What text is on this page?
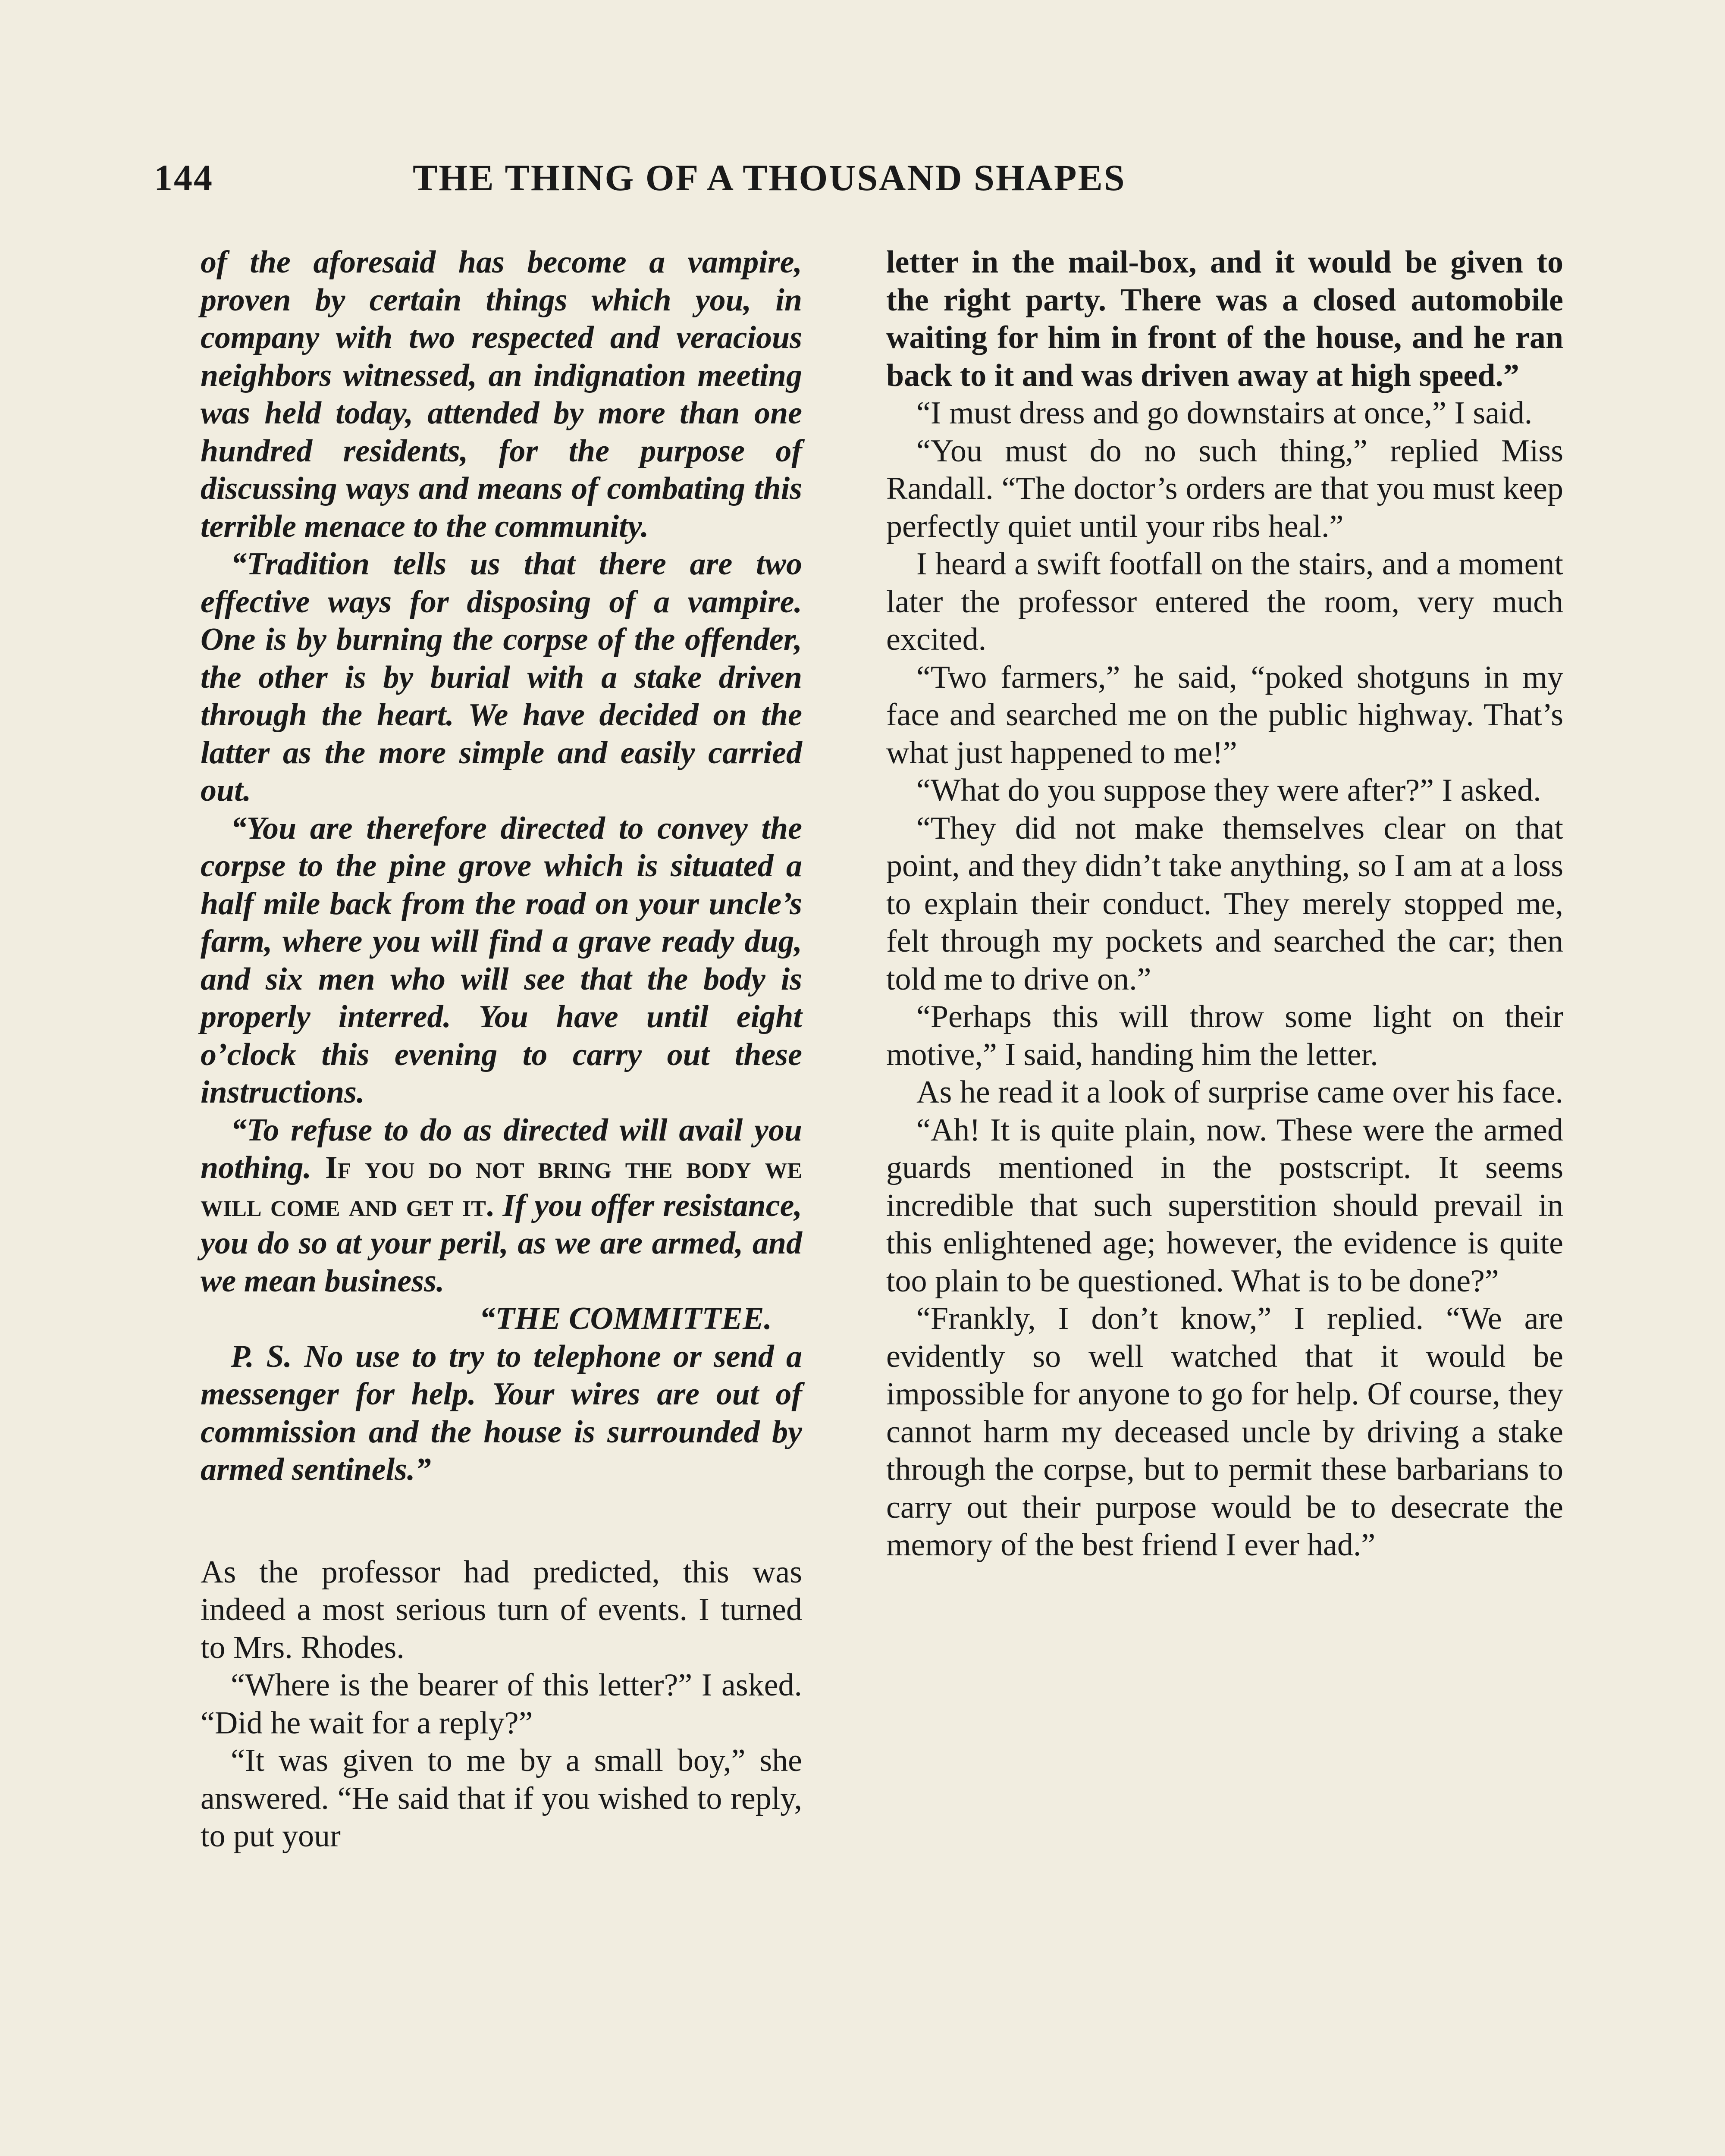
144	THE THING OF A THOUSAND SHAPES

of the aforesaid has become a vampire, proven by certain things which you, in company with two respected and veracious neighbors witnessed, an indignation meeting was held today, attended by more than one hundred residents, for the purpose of discussing ways and means of combating this terrible menace to the community.

“Tradition tells us that there are two effective ways for disposing of a vampire. One is by burning the corpse of the offender, the other is by burial with a stake driven through the heart. We have decided on the latter as the more simple and easily carried out.

“You are therefore directed to convey the corpse to the pine grove which is situated a half mile back from the road on your uncle’s farm, where you will find a grave ready dug, and six men who will see that the body is properly interred. You have until eight o’clock this evening to carry out these instructions.

“To refuse to do as directed will avail you nothing. If you do not bring the body we will come and get it. If you offer resistance, you do so at your peril, as we are armed, and we mean business.

“THE COMMITTEE.

P. S. No use to try to telephone or send a messenger for help. Your wires are out of commission and the house is surrounded by armed sentinels.”

As the professor had predicted, this was indeed a most serious turn of events. I turned to Mrs. Rhodes.

“Where is the bearer of this letter?” I asked. “Did he wait for a reply?”

“It was given to me by a small boy,” she answered. “He said that if you wished to reply, to put your

letter in the mail-box, and it would be given to the right party. There was a closed automobile waiting for him in front of the house, and he ran back to it and was driven away at high speed.”

“I must dress and go downstairs at once,” I said.

“You must do no such thing,” replied Miss Randall. “The doctor’s orders are that you must keep perfectly quiet until your ribs heal.”

I heard a swift footfall on the stairs, and a moment later the professor entered the room, very much excited.

“Two farmers,” he said, “poked shotguns in my face and searched me on the public highway. That’s what just happened to me!”

“What do you suppose they were after?” I asked.

“They did not make themselves clear on that point, and they didn’t take anything, so I am at a loss to explain their conduct. They merely stopped me, felt through my pockets and searched the car; then told me to drive on.”

“Perhaps this will throw some light on their motive,” I said, handing him the letter.

As he read it a look of surprise came over his face.

“Ah! It is quite plain, now. These were the armed guards mentioned in the postscript. It seems incredible that such superstition should prevail in this enlightened age; however, the evidence is quite too plain to be questioned. What is to be done?”

“Frankly, I don’t know,” I replied. “We are evidently so well watched that it would be impossible for anyone to go for help. Of course, they cannot harm my deceased uncle by driving a stake through the corpse, but to permit these barbarians to carry out their purpose would be to desecrate the memory of the best friend I ever had.”
